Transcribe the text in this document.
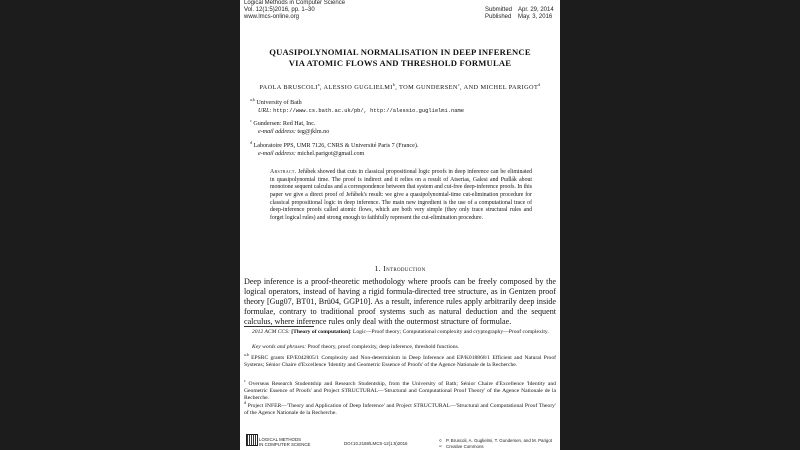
Logical Methods in Computer Science
Vol. 12(1:5)2016, pp. 1–30
www.lmcs-online.org
Submitted Apr. 29, 2014
Published May. 3, 2016
QUASIPOLYNOMIAL NORMALISATION IN DEEP INFERENCE
VIA ATOMIC FLOWS AND THRESHOLD FORMULAE
PAOLA BRUSCOLI$^a$, ALESSIO GUGLIELMI$^b$, TOM GUNDERSEN$^c$, AND MICHEL PARIGOT$^d$
$^{a,b}$ University of Bath
URL: http://www.cs.bath.ac.uk/pb/, http://alessio.guglielmi.name
$^c$ Gundersen: Red Hat, Inc.
e-mail address: teg@jklm.no
$^d$ Laboratoire PPS, UMR 7126, CNRS & Université Paris 7 (France).
e-mail address: michel.parigot@gmail.com
Abstract. Jeřábek showed that cuts in classical propositional logic proofs in deep inference can be eliminated in quasipolynomial time. The proof is indirect and it relies on a result of Atserias, Galesi and Pudlák about monotone sequent calculus and a correspondence between that system and cut-free deep-inference proofs. In this paper we give a direct proof of Jeřábek's result: we give a quasipolynomial-time cut-elimination procedure for classical propositional logic in deep inference. The main new ingredient is the use of a computational trace of deep-inference proofs called atomic flows, which are both very simple (they only trace structural rules and forget logical rules) and strong enough to faithfully represent the cut-elimination procedure.
1. Introduction
Deep inference is a proof-theoretic methodology where proofs can be freely composed by the logical operators, instead of having a rigid formula-directed tree structure, as in Gentzen proof theory [Gug07, BT01, Brü04, GGP10]. As a result, inference rules apply arbitrarily deep inside formulae, contrary to traditional proof systems such as natural deduction and the sequent calculus, where inference rules only deal with the outermost structure of formulae.
2012 ACM CCS: [Theory of computation]: Logic—Proof theory; Computational complexity and cryptography—Proof complexity.
Key words and phrases: Proof theory, proof complexity, deep inference, threshold functions.
$^{a,b}$ EPSRC grants EP/E042805/1 Complexity and Non-determinism in Deep Inference and EP/K018868/1 Efficient and Natural Proof Systems; Sénior Chaire d'Excellence 'Identity and Geometric Essence of Proofs' of the Agence Nationale de la Recherche.
$^c$ Overseas Research Studentship and Research Studentship, from the University of Bath; Sénior Chaire d'Excellence 'Identity and Geometric Essence of Proofs' and Project STRUCTURAL—'Structural and Computational Proof Theory' of the Agence Nationale de la Recherche.
$^d$ Project INFER—'Theory and Application of Deep Inference' and Project STRUCTURAL—'Structural and Computational Proof Theory' of the Agence Nationale de la Recherche.
LOGICAL METHODS
IN COMPUTER SCIENCE	DOI:10.2168/LMCS-12(1:5)2016
© P. Bruscoli, A. Guglielmi, T. Gundersen, and M. Parigot
cc Creative Commons
